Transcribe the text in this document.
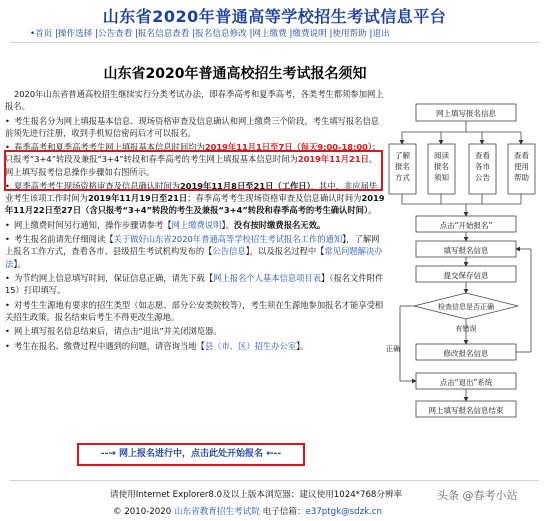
山东省2020年普通高等学校招生考试信息平台
•首页 |操作选择 |公告查看 |报名信息查看 |报名信息修改 |网上缴费 |缴费说明 |使用帮助 |退出
山东省2020年普通高校招生考试报名须知

2020年山东省普通高校招生继续实行分类考试办法，即春季高考和夏季高考，各类考生都须参加网上报名。

• 考生报名分为网上填报基本信息、现场资格审查及信息确认和网上缴费三个阶段。考生填写报名信息前须先进行注册，收到手机短信密码后才可以报名。

• 春季高考和夏季高考考生网上填报基本信息时间均为2019年11月1日至7日（每天9:00-18:00）；只报考“3+4”转段及兼报“3+4”转段和春季高考的考生网上填报基本信息时间为2019年11月21日。网上填写报考信息操作步骤如右图所示。

• 夏季高考考生现场资格审查及信息确认时间为2019年11月8日至21日（工作日），其中，非应届毕业考生该项工作时间为2019年11月19日至21日；春季高考考生现场资格审查及信息确认时间为2019年11月22日至27日（含只报考“3+4”转段的考生及兼报“3+4”转段和春季高考的考生确认时间）。

• 网上缴费时间另行通知，操作步骤请参考【网上缴费说明】。没有按时缴费报名无效。

• 考生报名前请先仔细阅读【关于做好山东省2020年普通高等学校招生考试报名工作的通知】，了解网上报名工作方式，查看各市、县级招生考试机构发布的【公告信息】，以及报名过程中【常见问题解决办法】。

• 为节约网上信息填写时间，保证信息正确，请先下载【网上报名个人基本信息项目表】（报名文件附件15）打印填写。

• 对考生生源地有要求的招生类型（如志愿、部分公安类院校等），考生须在生源地参加报名才能享受相关招生政策。报名结束后考生不得更改生源地。

• 网上填写报名信息结束后，请点击“退出”并关闭浏览器。

• 考生在报名、缴费过程中遇到的问题，请咨询当地【县（市、区）招生办公室】。

网上填写报名信息
点击“开始报名”
填写报名信息
提交保存信息
检查信息是否正确
有错误
修改报名信息
点击“退出”系统
网上填写报名信息结束
正确
了解报名方式
阅读报名须知
查看各市公告
查看使用帮助
--→ 网上报名进行中，点击此处开始报名 ←--
请使用Internet Explorer8.0及以上版本浏览器；建议使用1024*768分辨率
© 2010-2020 山东省教育招生考试院 电子信箱：e37ptgk@sdzk.cn
头条 @春考小站
